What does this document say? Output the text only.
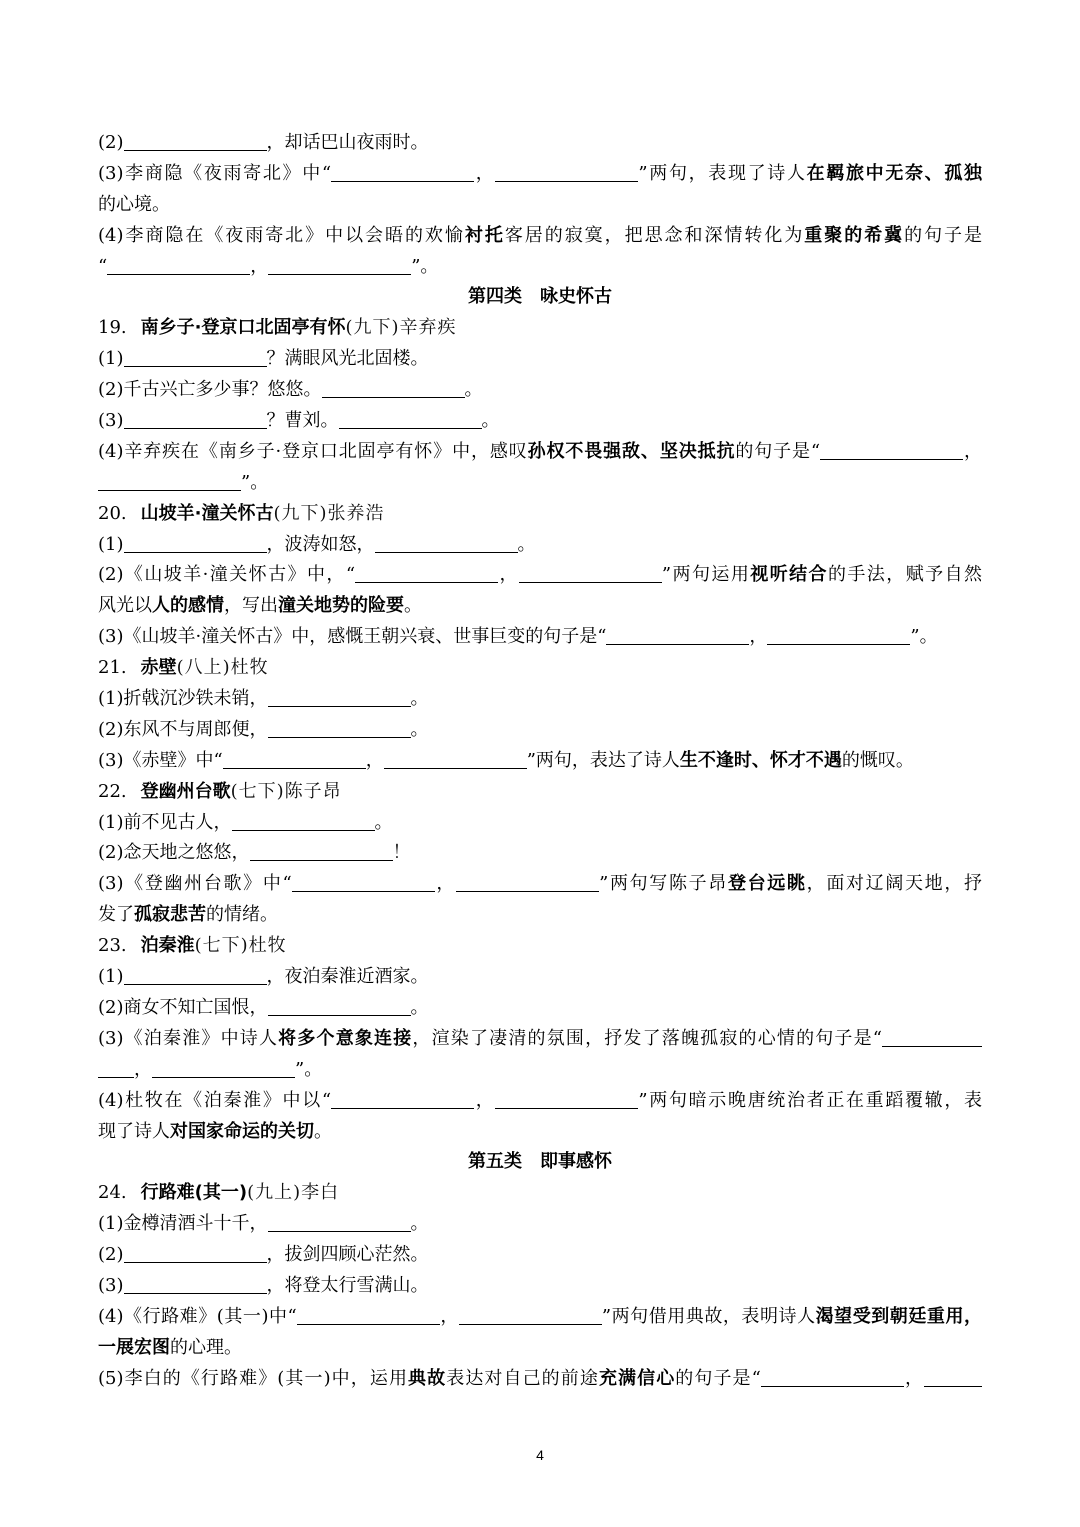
(2)	，却话巴山夜雨时。
(3)李商隐《夜雨寄北》中“	，	”两句，表现了诗人在羁旅中无奈、孤独
的心境。
(4)李商隐在《夜雨寄北》中以会晤的欢愉衬托客居的寂寞，把思念和深情转化为重聚的希冀的句子是
“	，	”。
第四类　咏史怀古
19. 南乡子·登京口北固亭有怀(九下)辛弃疾
(1)	？满眼风光北固楼。
(2)千古兴亡多少事？悠悠。	。
(3)	？曹刘。	。
(4)辛弃疾在《南乡子·登京口北固亭有怀》中，感叹孙权不畏强敌、坚决抵抗的句子是“	，
”。
20. 山坡羊·潼关怀古(九下)张养浩
(1)	，波涛如怒，	。
(2)《山坡羊·潼关怀古》中，“	，	”两句运用视听结合的手法，赋予自然
风光以人的感情，写出潼关地势的险要。
(3)《山坡羊·潼关怀古》中，感慨王朝兴衰、世事巨变的句子是“	，	”。
21. 赤壁(八上)杜牧
(1)折戟沉沙铁未销，	。
(2)东风不与周郎便，	。
(3)《赤壁》中“	，	”两句，表达了诗人生不逢时、怀才不遇的慨叹。
22. 登幽州台歌(七下)陈子昂
(1)前不见古人，	。
(2)念天地之悠悠，	！
(3)《登幽州台歌》中“	，	”两句写陈子昂登台远眺，面对辽阔天地，抒
发了孤寂悲苦的情绪。
23. 泊秦淮(七下)杜牧
(1)	，夜泊秦淮近酒家。
(2)商女不知亡国恨，	。
(3)《泊秦淮》中诗人将多个意象连接，渲染了凄清的氛围，抒发了落魄孤寂的心情的句子是“
，	”。
(4)杜牧在《泊秦淮》中以“	，	”两句暗示晚唐统治者正在重蹈覆辙，表
现了诗人对国家命运的关切。
第五类　即事感怀
24. 行路难(其一)(九上)李白
(1)金樽清酒斗十千，	。
(2)	，拔剑四顾心茫然。
(3)	，将登太行雪满山。
(4)《行路难》(其一)中“	，	”两句借用典故，表明诗人渴望受到朝廷重用，
一展宏图的心理。
(5)李白的《行路难》(其一)中，运用典故表达对自己的前途充满信心的句子是“	，
4
